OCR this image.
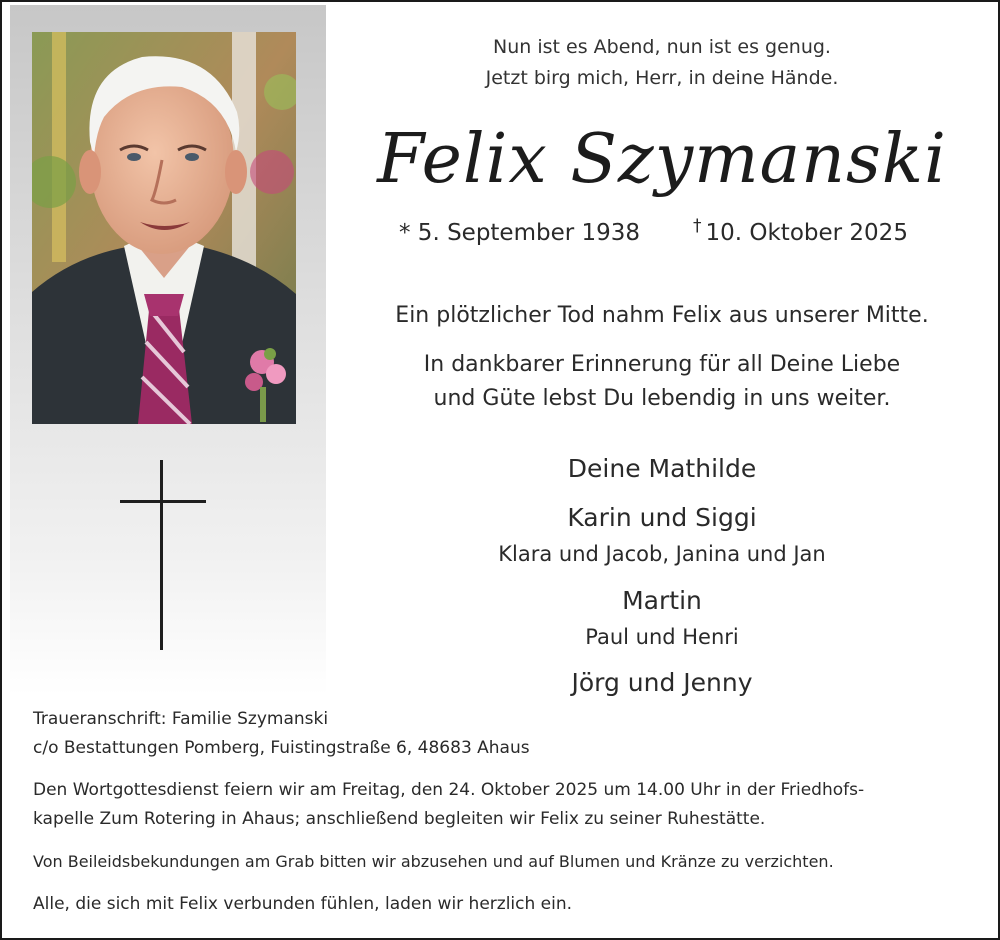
Nun ist es Abend, nun ist es genug.
Jetzt birg mich, Herr, in deine Hände.
Felix Szymanski
* 5. September 1938	† 10. Oktober 2025
Ein plötzlicher Tod nahm Felix aus unserer Mitte.
In dankbarer Erinnerung für all Deine Liebe
und Güte lebst Du lebendig in uns weiter.
Deine Mathilde
Karin und Siggi
Klara und Jacob, Janina und Jan
Martin
Paul und Henri
Jörg und Jenny
Traueranschrift: Familie Szymanski
c/o Bestattungen Pomberg, Fuistingstraße 6, 48683 Ahaus
Den Wortgottesdienst feiern wir am Freitag, den 24. Oktober 2025 um 14.00 Uhr in der Friedhofs-
kapelle Zum Rotering in Ahaus; anschließend begleiten wir Felix zu seiner Ruhestätte.
Von Beileidsbekundungen am Grab bitten wir abzusehen und auf Blumen und Kränze zu verzichten.
Alle, die sich mit Felix verbunden fühlen, laden wir herzlich ein.
